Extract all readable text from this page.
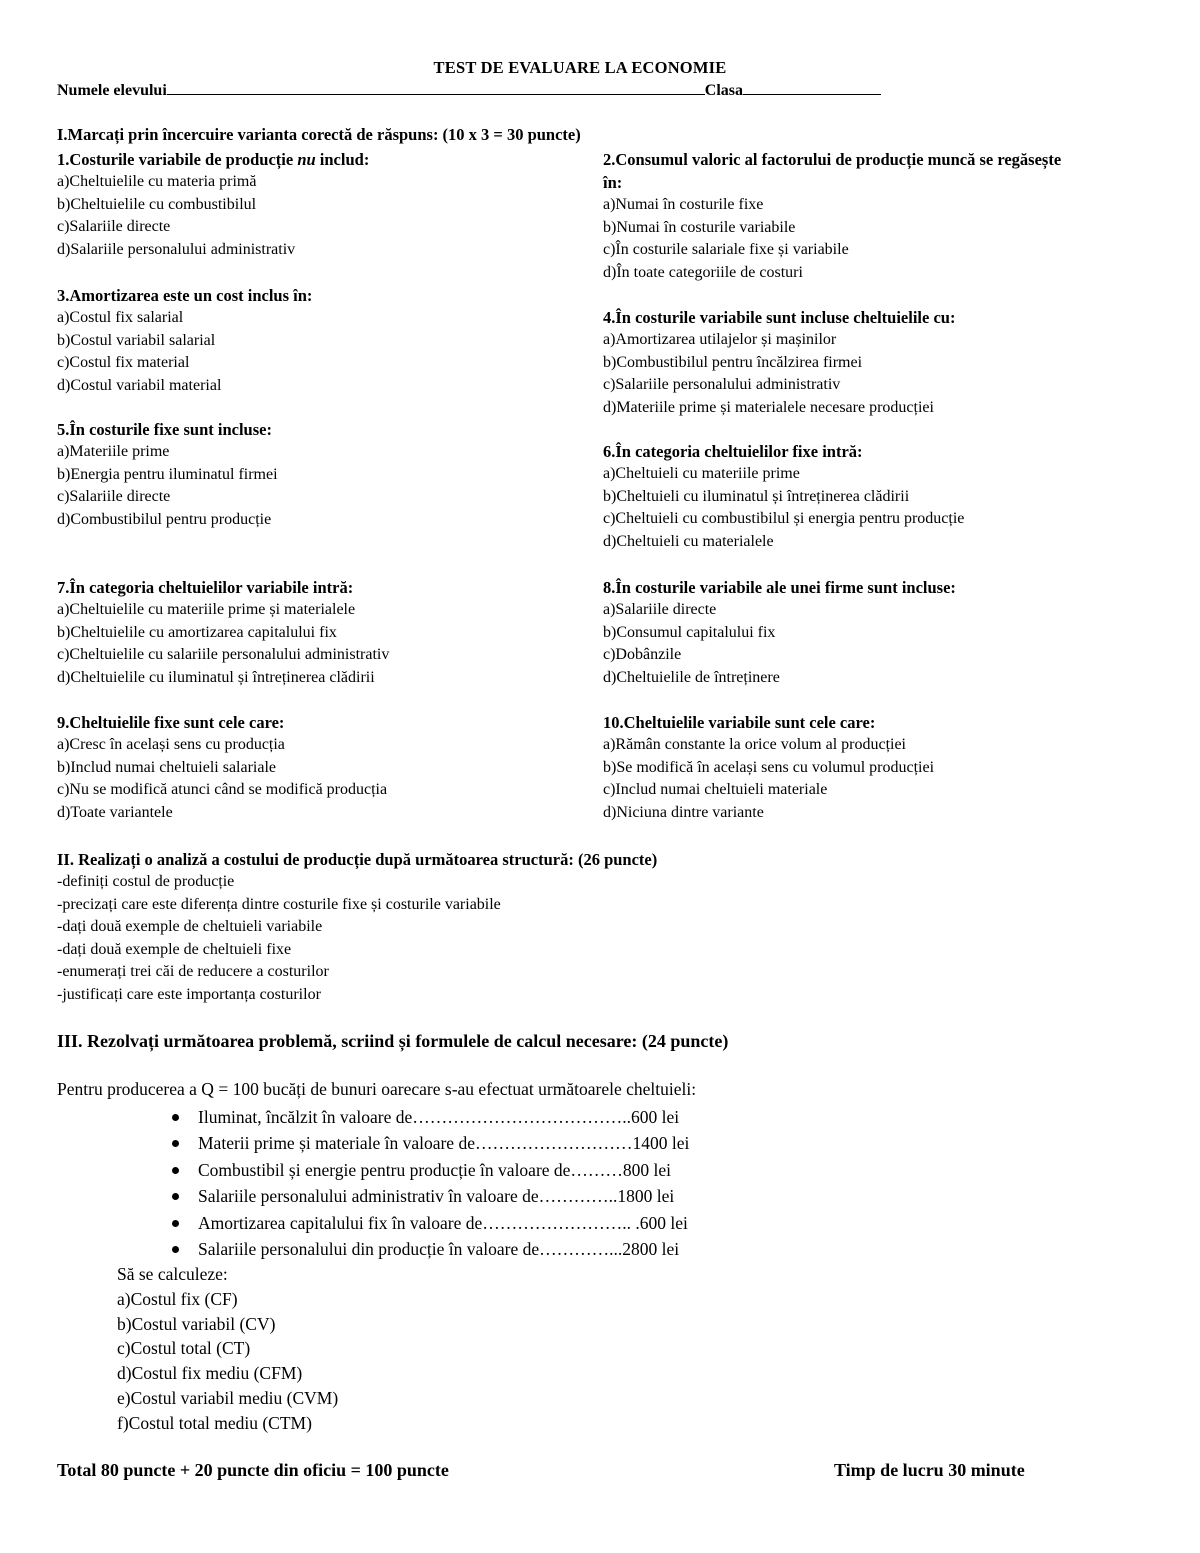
TEST DE EVALUARE LA ECONOMIE
Numele elevului	Clasa
I.Marcați prin încercuire varianta corectă de răspuns: (10 x 3 = 30 puncte)
1.Costurile variabile de producție nu includ:
a)Cheltuielile cu materia primă
b)Cheltuielile cu combustibilul
c)Salariile directe
d)Salariile personalului administrativ
2.Consumul valoric al factorului de producție muncă se regăsește în:
a)Numai în costurile fixe
b)Numai în costurile variabile
c)În costurile salariale fixe și variabile
d)În toate categoriile de costuri
3.Amortizarea este un cost inclus în:
a)Costul fix salarial
b)Costul variabil salarial
c)Costul fix material
d)Costul variabil material
4.În costurile variabile sunt incluse cheltuielile cu:
a)Amortizarea utilajelor și mașinilor
b)Combustibilul pentru încălzirea firmei
c)Salariile personalului administrativ
d)Materiile prime și materialele necesare producției
5.În costurile fixe sunt incluse:
a)Materiile prime
b)Energia pentru iluminatul firmei
c)Salariile directe
d)Combustibilul pentru producție
6.În categoria cheltuielilor fixe intră:
a)Cheltuieli cu materiile prime
b)Cheltuieli cu iluminatul și întreținerea clădirii
c)Cheltuieli cu combustibilul și energia pentru producție
d)Cheltuieli cu materialele
7.În categoria cheltuielilor variabile intră:
a)Cheltuielile cu materiile prime și materialele
b)Cheltuielile cu amortizarea capitalului fix
c)Cheltuielile cu salariile personalului administrativ
d)Cheltuielile cu iluminatul și întreținerea clădirii
8.În costurile variabile ale unei firme sunt incluse:
a)Salariile directe
b)Consumul capitalului fix
c)Dobânzile
d)Cheltuielile de întreținere
9.Cheltuielile fixe sunt cele care:
a)Cresc în același sens cu producția
b)Includ numai cheltuieli salariale
c)Nu se modifică atunci când se modifică producția
d)Toate variantele
10.Cheltuielile variabile sunt cele care:
a)Rămân constante la orice volum al producției
b)Se modifică în același sens cu volumul producției
c)Includ numai cheltuieli materiale
d)Niciuna dintre variante
II. Realizați o analiză a costului de producție după următoarea structură: (26 puncte)
-definiți costul de producție
-precizați care este diferența dintre costurile fixe și costurile variabile
-dați două exemple de cheltuieli variabile
-dați două exemple de cheltuieli fixe
-enumerați trei căi de reducere a costurilor
-justificați care este importanța costurilor
III. Rezolvați următoarea problemă, scriind și formulele de calcul necesare: (24 puncte)
Pentru producerea a Q = 100 bucăți de bunuri oarecare s-au efectuat următoarele cheltuieli:
Iluminat, încălzit în valoare de………………………………..600 lei
Materii prime și materiale în valoare de………………………1400 lei
Combustibil și energie pentru producție în valoare de………800 lei
Salariile personalului administrativ în valoare de…………..1800 lei
Amortizarea capitalului fix în valoare de…………………….. .600 lei
Salariile personalului din producție în valoare de…………...2800 lei
Să se calculeze:
a)Costul fix (CF)
b)Costul variabil (CV)
c)Costul total (CT)
d)Costul fix mediu (CFM)
e)Costul variabil mediu (CVM)
f)Costul total mediu (CTM)
Total 80 puncte + 20 puncte din oficiu = 100 puncte	Timp de lucru 30 minute
